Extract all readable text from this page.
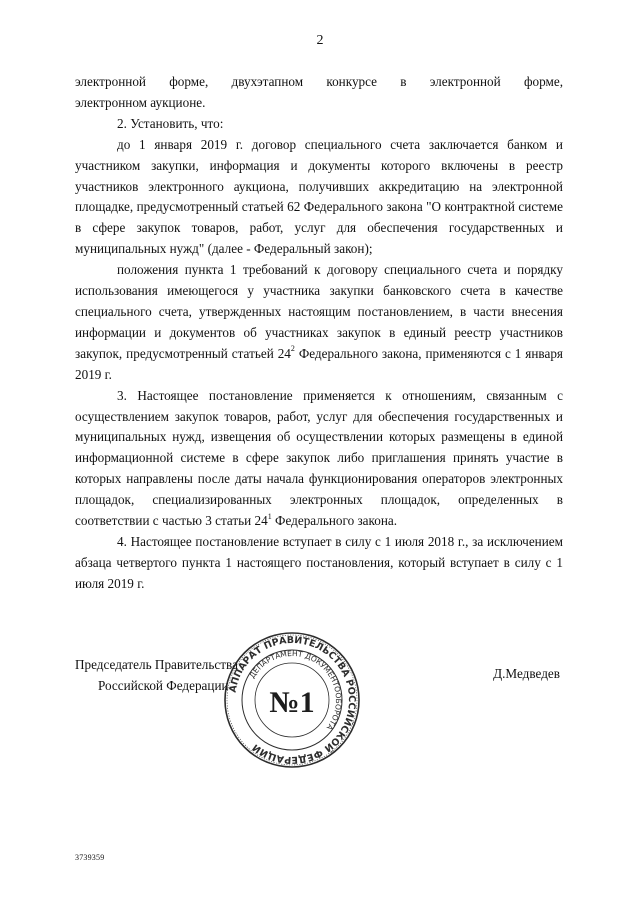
2

электронной форме, двухэтапном конкурсе в электронной форме,

электронном аукционе.

2. Установить, что:

до 1 января 2019 г. договор специального счета заключается банком и участником закупки, информация и документы которого включены в реестр участников электронного аукциона, получивших аккредитацию на электронной площадке, предусмотренный статьей 62 Федерального закона "О контрактной системе в сфере закупок товаров, работ, услуг для обеспечения государственных и муниципальных нужд" (далее - Федеральный закон);

положения пункта 1 требований к договору специального счета и порядку использования имеющегося у участника закупки банковского счета в качестве специального счета, утвержденных настоящим постановлением, в части внесения информации и документов об участниках закупок в единый реестр участников закупок, предусмотренный статьей $24^2$ Федерального закона, применяются с 1 января 2019 г.

3. Настоящее постановление применяется к отношениям, связанным с осуществлением закупок товаров, работ, услуг для обеспечения государственных и муниципальных нужд, извещения об осуществлении которых размещены в единой информационной системе в сфере закупок либо приглашения принять участие в которых направлены после даты начала функционирования операторов электронных площадок, специализированных электронных площадок, определенных в соответствии с частью 3 статьи $24^1$ Федерального закона.

4. Настоящее постановление вступает в силу с 1 июля 2018 г., за исключением абзаца четвертого пункта 1 настоящего постановления, который вступает в силу с 1 июля 2019 г.

Председатель Правительства
Российской Федерации
Д.Медведев
АППАРАТ ПРАВИТЕЛЬСТВА РОССИЙСКОЙ ФЕДЕРАЦИИ
ДЕПАРТАМЕНТ ДОКУМЕНТООБОРОТА
№1
3739359
